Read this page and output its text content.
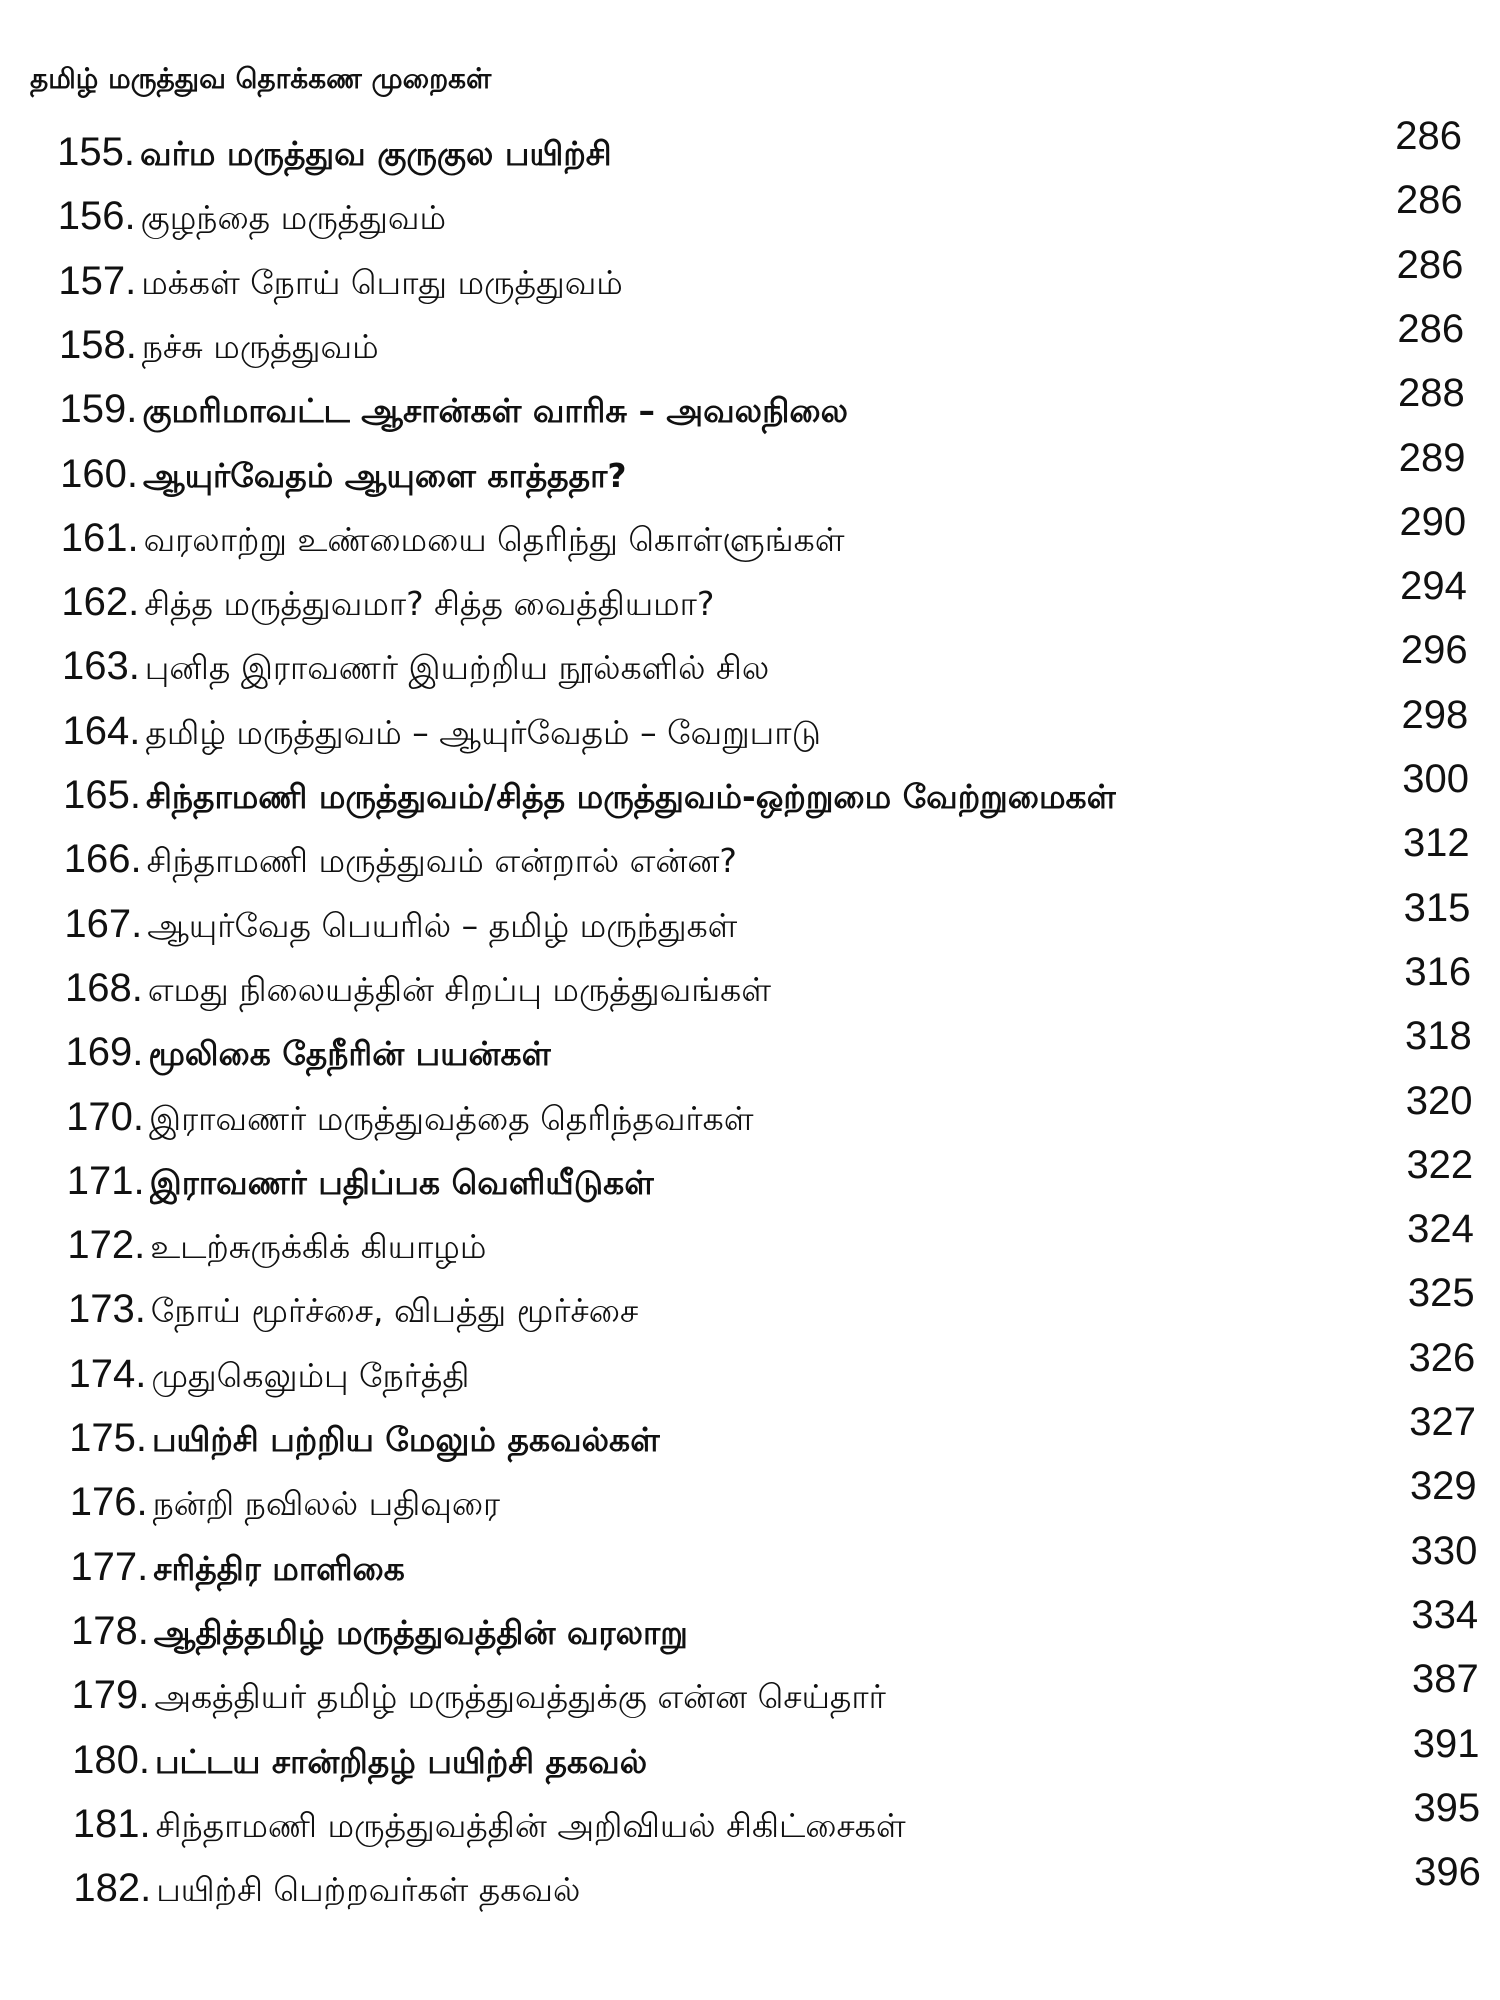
தமிழ் மருத்துவ தொக்கண முறைகள்
155. வர்ம மருத்துவ குருகுல பயிற்சி	286
156. குழந்தை மருத்துவம்	286
157. மக்கள் நோய் பொது மருத்துவம்	286
158. நச்சு மருத்துவம்	286
159. குமரிமாவட்ட ஆசான்கள் வாரிசு – அவலநிலை	288
160. ஆயுர்வேதம் ஆயுளை காத்ததா?	289
161. வரலாற்று உண்மையை தெரிந்து கொள்ளுங்கள்	290
162. சித்த மருத்துவமா? சித்த வைத்தியமா?	294
163. புனித இராவணர் இயற்றிய நூல்களில் சில	296
164. தமிழ் மருத்துவம் – ஆயுர்வேதம் – வேறுபாடு	298
165. சிந்தாமணி மருத்துவம்/சித்த மருத்துவம்-ஒற்றுமை வேற்றுமைகள்	300
166. சிந்தாமணி மருத்துவம் என்றால் என்ன?	312
167. ஆயுர்வேத பெயரில் – தமிழ் மருந்துகள்	315
168. எமது நிலையத்தின் சிறப்பு மருத்துவங்கள்	316
169. மூலிகை தேநீரின் பயன்கள்	318
170. இராவணர் மருத்துவத்தை தெரிந்தவர்கள்	320
171. இராவணர் பதிப்பக வெளியீடுகள்	322
172. உடற்சுருக்கிக் கியாழம்	324
173. நோய் மூர்ச்சை, விபத்து மூர்ச்சை	325
174. முதுகெலும்பு நேர்த்தி	326
175. பயிற்சி பற்றிய மேலும் தகவல்கள்	327
176. நன்றி நவிலல் பதிவுரை	329
177. சரித்திர மாளிகை	330
178. ஆதித்தமிழ் மருத்துவத்தின் வரலாறு	334
179. அகத்தியர் தமிழ் மருத்துவத்துக்கு என்ன செய்தார்	387
180. பட்டய சான்றிதழ் பயிற்சி தகவல்	391
181. சிந்தாமணி மருத்துவத்தின் அறிவியல் சிகிட்சைகள்	395
182. பயிற்சி பெற்றவர்கள் தகவல்	396
